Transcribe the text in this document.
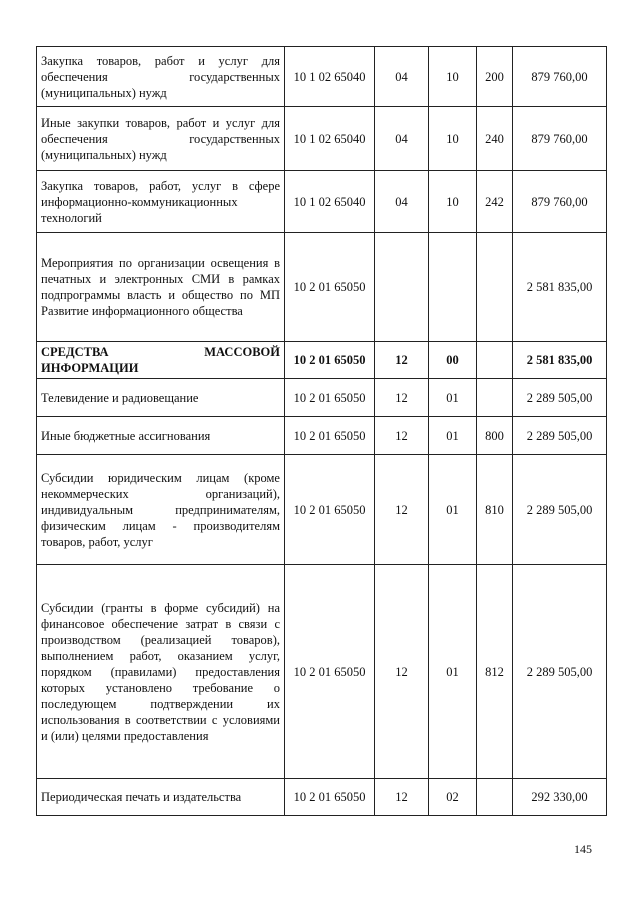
Закупка товаров, работ и услуг для обеспечения государственных (муниципальных) нужд	10 1 02 65040	04	10	200	879 760,00
Иные закупки товаров, работ и услуг для обеспечения государственных (муниципальных) нужд	10 1 02 65040	04	10	240	879 760,00
Закупка товаров, работ, услуг в сфере информационно-коммуникационных технологий	10 1 02 65040	04	10	242	879 760,00
Мероприятия по организации освещения в печатных и электронных СМИ в рамках подпрограммы власть и общество по МП Развитие информационного общества	10 2 01 65050				2 581 835,00
СРЕДСТВА МАССОВОЙ ИНФОРМАЦИИ	10 2 01 65050	12	00		2 581 835,00
Телевидение и радиовещание	10 2 01 65050	12	01		2 289 505,00
Иные бюджетные ассигнования	10 2 01 65050	12	01	800	2 289 505,00
Субсидии юридическим лицам (кроме некоммерческих организаций), индивидуальным предпринимателям, физическим лицам - производителям товаров, работ, услуг	10 2 01 65050	12	01	810	2 289 505,00
Субсидии (гранты в форме субсидий) на финансовое обеспечение затрат в связи с производством (реализацией товаров), выполнением работ, оказанием услуг, порядком (правилами) предоставления которых установлено требование о последующем подтверждении их использования в соответствии с условиями и (или) целями предоставления	10 2 01 65050	12	01	812	2 289 505,00
Периодическая печать и издательства	10 2 01 65050	12	02		292 330,00
145
